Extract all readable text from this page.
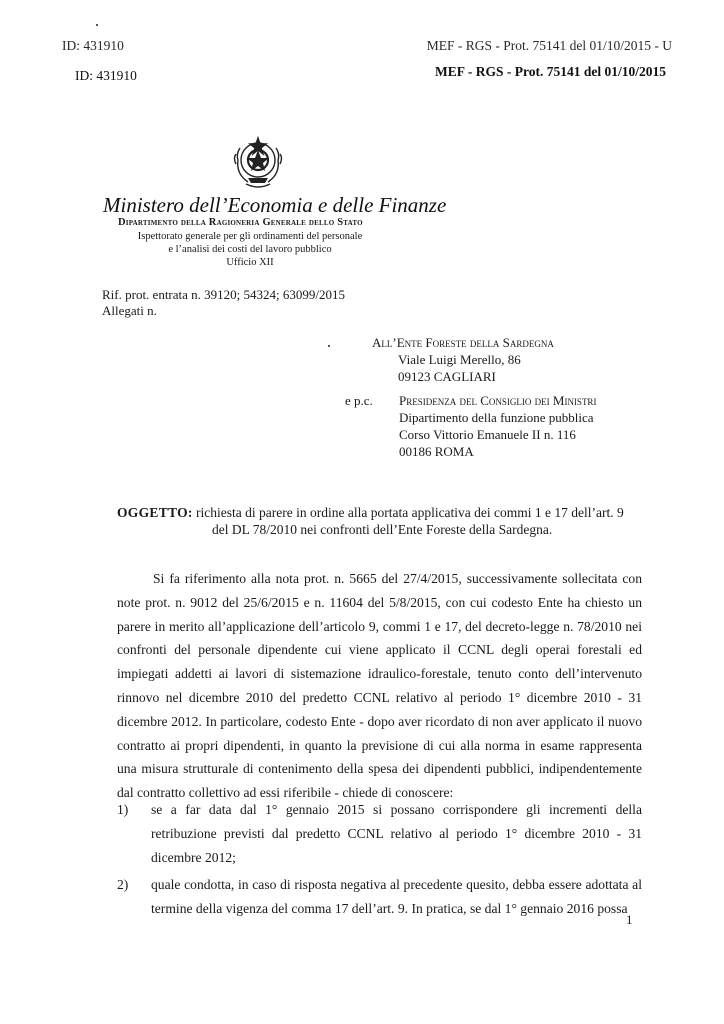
ID: 431910	MEF - RGS - Prot. 75141 del 01/10/2015 - U
ID: 431910	MEF - RGS - Prot. 75141 del 01/10/2015
Ministero dell’Economia e delle Finanze
Dipartimento della Ragioneria Generale dello Stato
Ispettorato generale per gli ordinamenti del personale
e l’analisi dei costi del lavoro pubblico
Ufficio XII
Rif. prot. entrata n. 39120; 54324; 63099/2015
Allegati n.
All’Ente Foreste della Sardegna
Viale Luigi Merello, 86
09123 CAGLIARI
e p.c. Presidenza del Consiglio dei Ministri
Dipartimento della funzione pubblica
Corso Vittorio Emanuele II n. 116
00186 ROMA
OGGETTO: richiesta di parere in ordine alla portata applicativa dei commi 1 e 17 dell’art. 9
del DL 78/2010 nei confronti dell’Ente Foreste della Sardegna.

Si fa riferimento alla nota prot. n. 5665 del 27/4/2015, successivamente sollecitata con note prot. n. 9012 del 25/6/2015 e n. 11604 del 5/8/2015, con cui codesto Ente ha chiesto un parere in merito all’applicazione dell’articolo 9, commi 1 e 17, del decreto-legge n. 78/2010 nei confronti del personale dipendente cui viene applicato il CCNL degli operai forestali ed impiegati addetti ai lavori di sistemazione idraulico-forestale, tenuto conto dell’intervenuto rinnovo nel dicembre 2010 del predetto CCNL relativo al periodo 1° dicembre 2010 - 31 dicembre 2012. In particolare, codesto Ente - dopo aver ricordato di non aver applicato il nuovo contratto ai propri dipendenti, in quanto la previsione di cui alla norma in esame rappresenta una misura strutturale di contenimento della spesa dei dipendenti pubblici, indipendentemente dal contratto collettivo ad essi riferibile - chiede di conoscere:

1) se a far data dal 1° gennaio 2015 si possano corrispondere gli incrementi della retribuzione previsti dal predetto CCNL relativo al periodo 1° dicembre 2010 - 31 dicembre 2012;
2) quale condotta, in caso di risposta negativa al precedente quesito, debba essere adottata al termine della vigenza del comma 17 dell’art. 9. In pratica, se dal 1° gennaio 2016 possa
1
